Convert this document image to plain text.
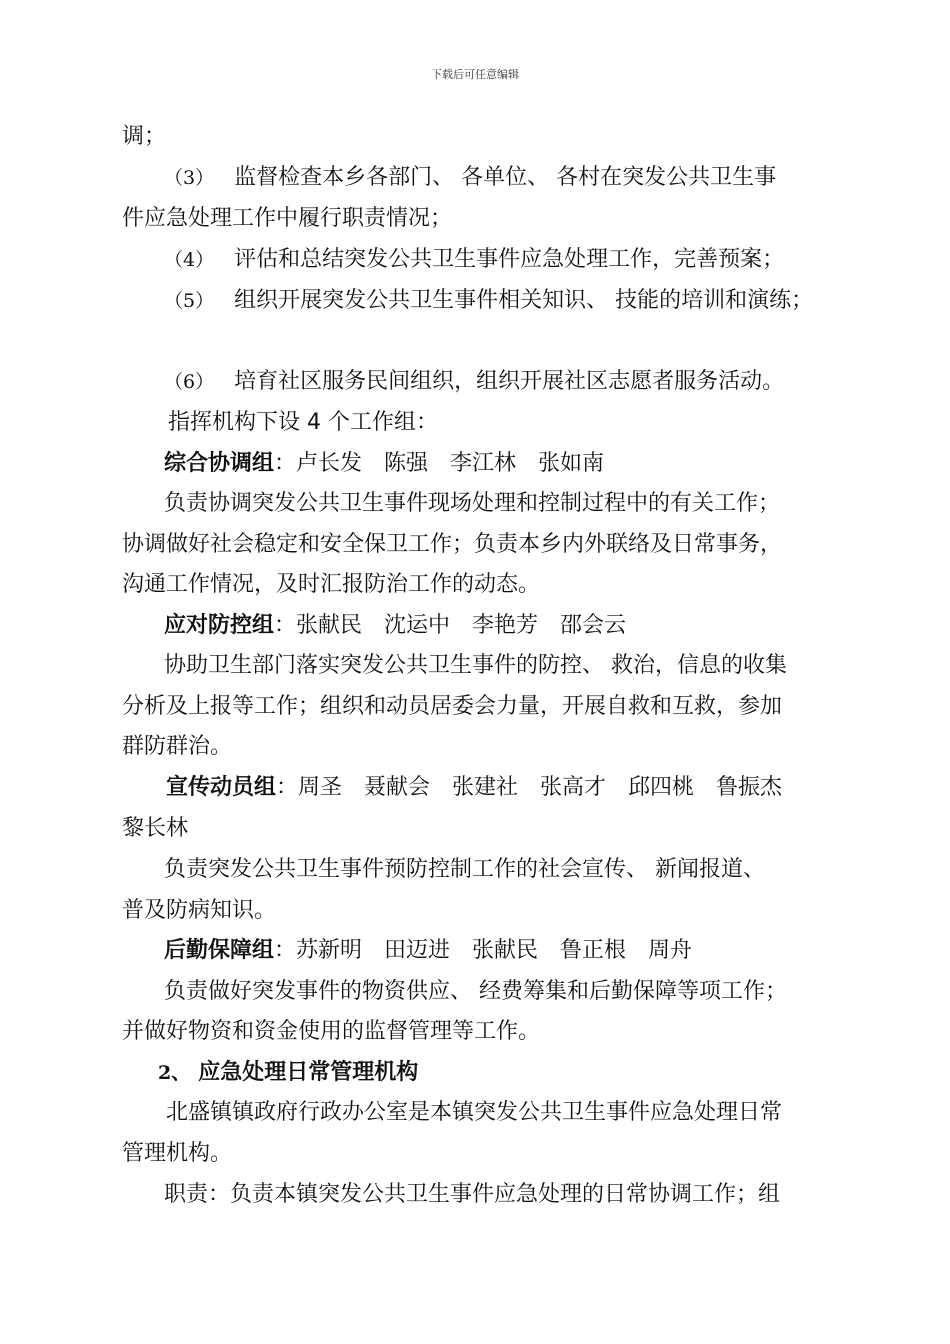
下载后可任意编辑
调；
（3） 监督检查本乡各部门、 各单位、 各村在突发公共卫生事
件应急处理工作中履行职责情况；
（4） 评估和总结突发公共卫生事件应急处理工作，完善预案；
（5） 组织开展突发公共卫生事件相关知识、 技能的培训和演练；
（6） 培育社区服务民间组织，组织开展社区志愿者服务活动。
指挥机构下设 4 个工作组：
综合协调组：卢长发　陈强　李江林　张如南
负责协调突发公共卫生事件现场处理和控制过程中的有关工作；
协调做好社会稳定和安全保卫工作；负责本乡内外联络及日常事务，
沟通工作情况，及时汇报防治工作的动态。
应对防控组：张献民　沈运中　李艳芳　邵会云
协助卫生部门落实突发公共卫生事件的防控、 救治，信息的收集
分析及上报等工作；组织和动员居委会力量，开展自救和互救，参加
群防群治。
宣传动员组：周圣　聂献会　张建社　张高才　邱四桃　鲁振杰
黎长林
负责突发公共卫生事件预防控制工作的社会宣传、 新闻报道、
普及防病知识。
后勤保障组：苏新明　田迈进　张献民　鲁正根　周舟
负责做好突发事件的物资供应、 经费筹集和后勤保障等项工作；
并做好物资和资金使用的监督管理等工作。
2、 应急处理日常管理机构
北盛镇镇政府行政办公室是本镇突发公共卫生事件应急处理日常
管理机构。
职责：负责本镇突发公共卫生事件应急处理的日常协调工作；组
